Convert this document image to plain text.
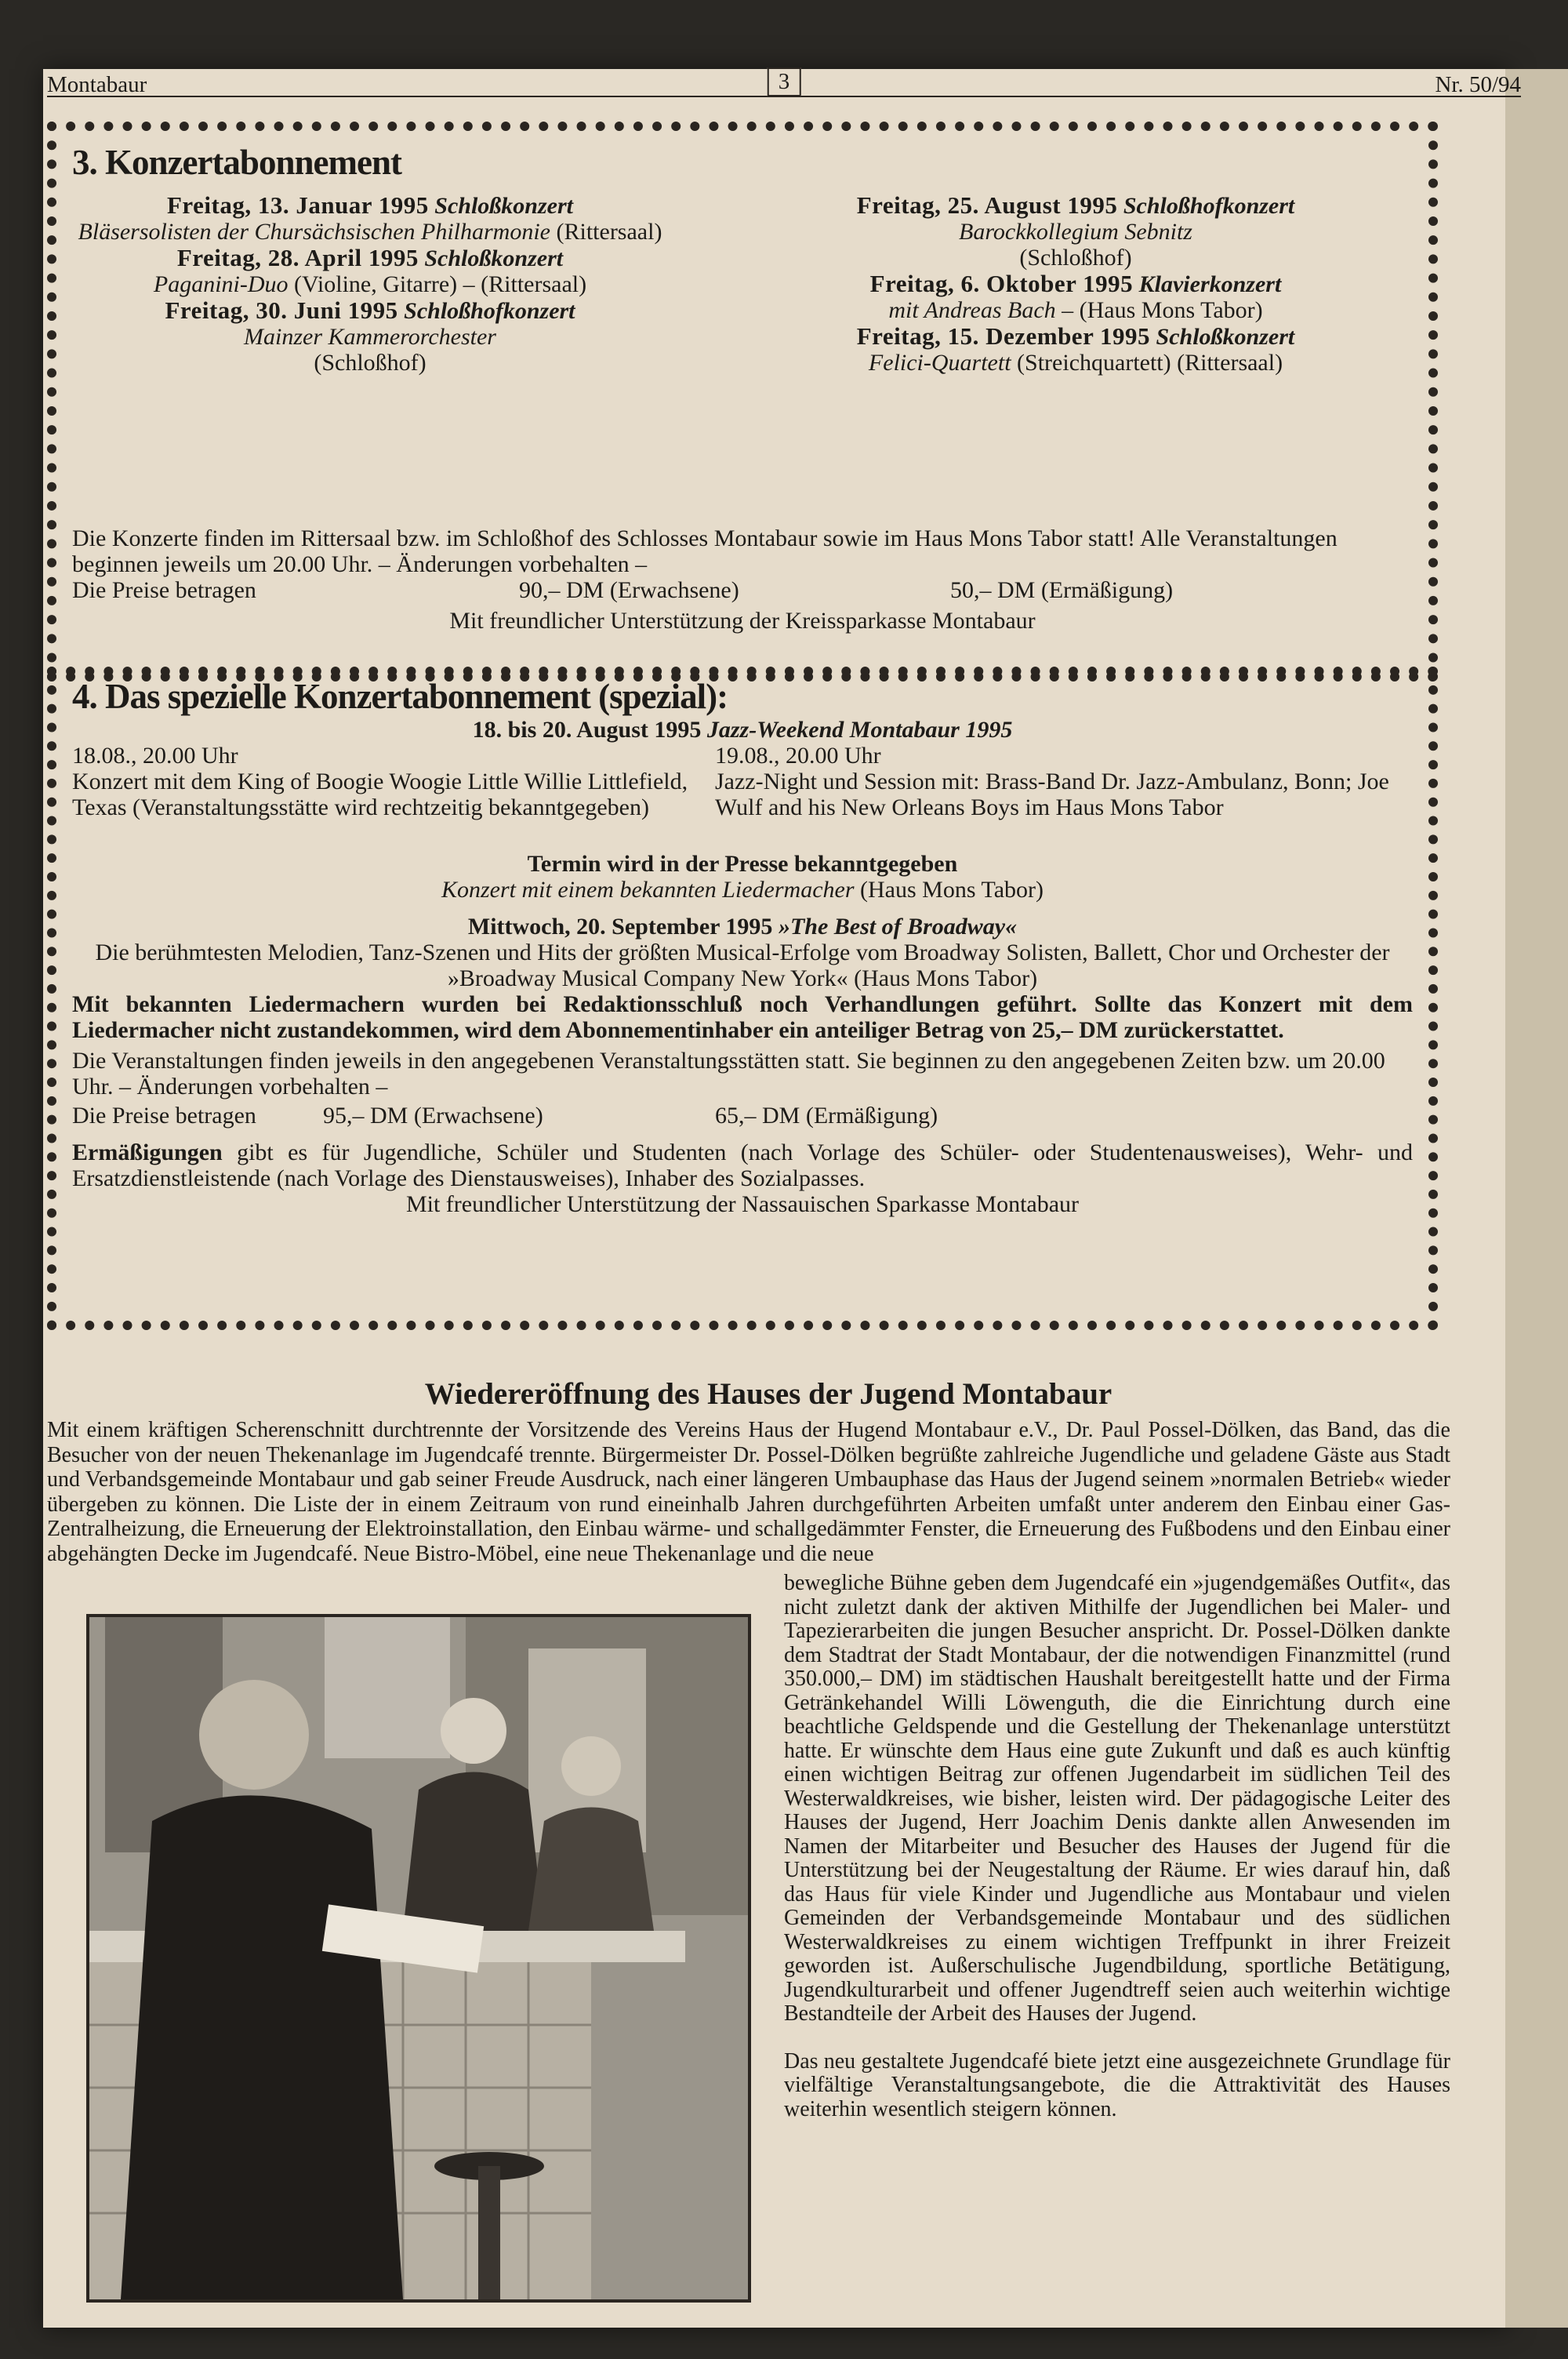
Montabaur	3	Nr. 50/94
3. Konzertabonnement
Freitag, 13. Januar 1995 Schloßkonzert
Bläsersolisten der Chursächsischen Philharmonie (Rittersaal)
Freitag, 28. April 1995 Schloßkonzert
Paganini-Duo (Violine, Gitarre) – (Rittersaal)
Freitag, 30. Juni 1995 Schloßhofkonzert
Mainzer Kammerorchester
(Schloßhof)
Freitag, 25. August 1995 Schloßhofkonzert
Barockkollegium Sebnitz
(Schloßhof)
Freitag, 6. Oktober 1995 Klavierkonzert
mit Andreas Bach – (Haus Mons Tabor)
Freitag, 15. Dezember 1995 Schloßkonzert
Felici-Quartett (Streichquartett) (Rittersaal)

Die Konzerte finden im Rittersaal bzw. im Schloßhof des Schlosses Montabaur sowie im Haus Mons Tabor statt! Alle Veranstaltungen beginnen jeweils um 20.00 Uhr. – Änderungen vorbehalten –

Die Preise betragen	90,– DM (Erwachsene)	50,– DM (Ermäßigung)

Mit freundlicher Unterstützung der Kreissparkasse Montabaur

4. Das spezielle Konzertabonnement (spezial):

18. bis 20. August 1995 Jazz-Weekend Montabaur 1995

18.08., 20.00 Uhr
Konzert mit dem King of Boogie Woogie Little Willie Littlefield, Texas (Veranstaltungsstätte wird rechtzeitig bekanntgegeben)
19.08., 20.00 Uhr
Jazz-Night und Session mit: Brass-Band Dr. Jazz-Ambulanz, Bonn; Joe Wulf and his New Orleans Boys im Haus Mons Tabor

Termin wird in der Presse bekanntgegeben

Konzert mit einem bekannten Liedermacher (Haus Mons Tabor)

Mittwoch, 20. September 1995 »The Best of Broadway«

Die berühmtesten Melodien, Tanz-Szenen und Hits der größten Musical-Erfolge vom Broadway Solisten, Ballett, Chor und Orchester der »Broadway Musical Company New York« (Haus Mons Tabor)

Mit bekannten Liedermachern wurden bei Redaktionsschluß noch Verhandlungen geführt. Sollte das Konzert mit dem Liedermacher nicht zustandekommen, wird dem Abonnementinhaber ein anteiliger Betrag von 25,– DM zurückerstattet.

Die Veranstaltungen finden jeweils in den angegebenen Veranstaltungsstätten statt. Sie beginnen zu den angegebenen Zeiten bzw. um 20.00 Uhr. – Änderungen vorbehalten –

Die Preise betragen	95,– DM (Erwachsene)	65,– DM (Ermäßigung)

Ermäßigungen gibt es für Jugendliche, Schüler und Studenten (nach Vorlage des Schüler- oder Studentenausweises), Wehr- und Ersatzdienstleistende (nach Vorlage des Dienstausweises), Inhaber des Sozialpasses.

Mit freundlicher Unterstützung der Nassauischen Sparkasse Montabaur

Wiedereröffnung des Hauses der Jugend Montabaur

Mit einem kräftigen Scherenschnitt durchtrennte der Vorsitzende des Vereins Haus der Hugend Montabaur e.V., Dr. Paul Possel-Dölken, das Band, das die Besucher von der neuen Thekenanlage im Jugendcafé trennte. Bürgermeister Dr. Possel-Dölken begrüßte zahlreiche Jugendliche und geladene Gäste aus Stadt und Verbandsgemeinde Montabaur und gab seiner Freude Ausdruck, nach einer längeren Umbauphase das Haus der Jugend seinem »normalen Betrieb« wieder übergeben zu können. Die Liste der in einem Zeitraum von rund eineinhalb Jahren durchgeführten Arbeiten umfaßt unter anderem den Einbau einer Gas-Zentralheizung, die Erneuerung der Elektroinstallation, den Einbau wärme- und schallgedämmter Fenster, die Erneuerung des Fußbodens und den Einbau einer abgehängten Decke im Jugendcafé. Neue Bistro-Möbel, eine neue Thekenanlage und die neue

bewegliche Bühne geben dem Jugendcafé ein »jugendgemäßes Outfit«, das nicht zuletzt dank der aktiven Mithilfe der Jugendlichen bei Maler- und Tapezierarbeiten die jungen Besucher anspricht. Dr. Possel-Dölken dankte dem Stadtrat der Stadt Montabaur, der die notwendigen Finanzmittel (rund 350.000,– DM) im städtischen Haushalt bereitgestellt hatte und der Firma Getränkehandel Willi Löwenguth, die die Einrichtung durch eine beachtliche Geldspende und die Gestellung der Thekenanlage unterstützt hatte. Er wünschte dem Haus eine gute Zukunft und daß es auch künftig einen wichtigen Beitrag zur offenen Jugendarbeit im südlichen Teil des Westerwaldkreises, wie bisher, leisten wird. Der pädagogische Leiter des Hauses der Jugend, Herr Joachim Denis dankte allen Anwesenden im Namen der Mitarbeiter und Besucher des Hauses der Jugend für die Unterstützung bei der Neugestaltung der Räume. Er wies darauf hin, daß das Haus für viele Kinder und Jugendliche aus Montabaur und vielen Gemeinden der Verbandsgemeinde Montabaur und des südlichen Westerwaldkreises zu einem wichtigen Treffpunkt in ihrer Freizeit geworden ist. Außerschulische Jugendbildung, sportliche Betätigung, Jugendkulturarbeit und offener Jugendtreff seien auch weiterhin wichtige Bestandteile der Arbeit des Hauses der Jugend.

Das neu gestaltete Jugendcafé biete jetzt eine ausgezeichnete Grundlage für vielfältige Veranstaltungsangebote, die die Attraktivität des Hauses weiterhin wesentlich steigern können.
